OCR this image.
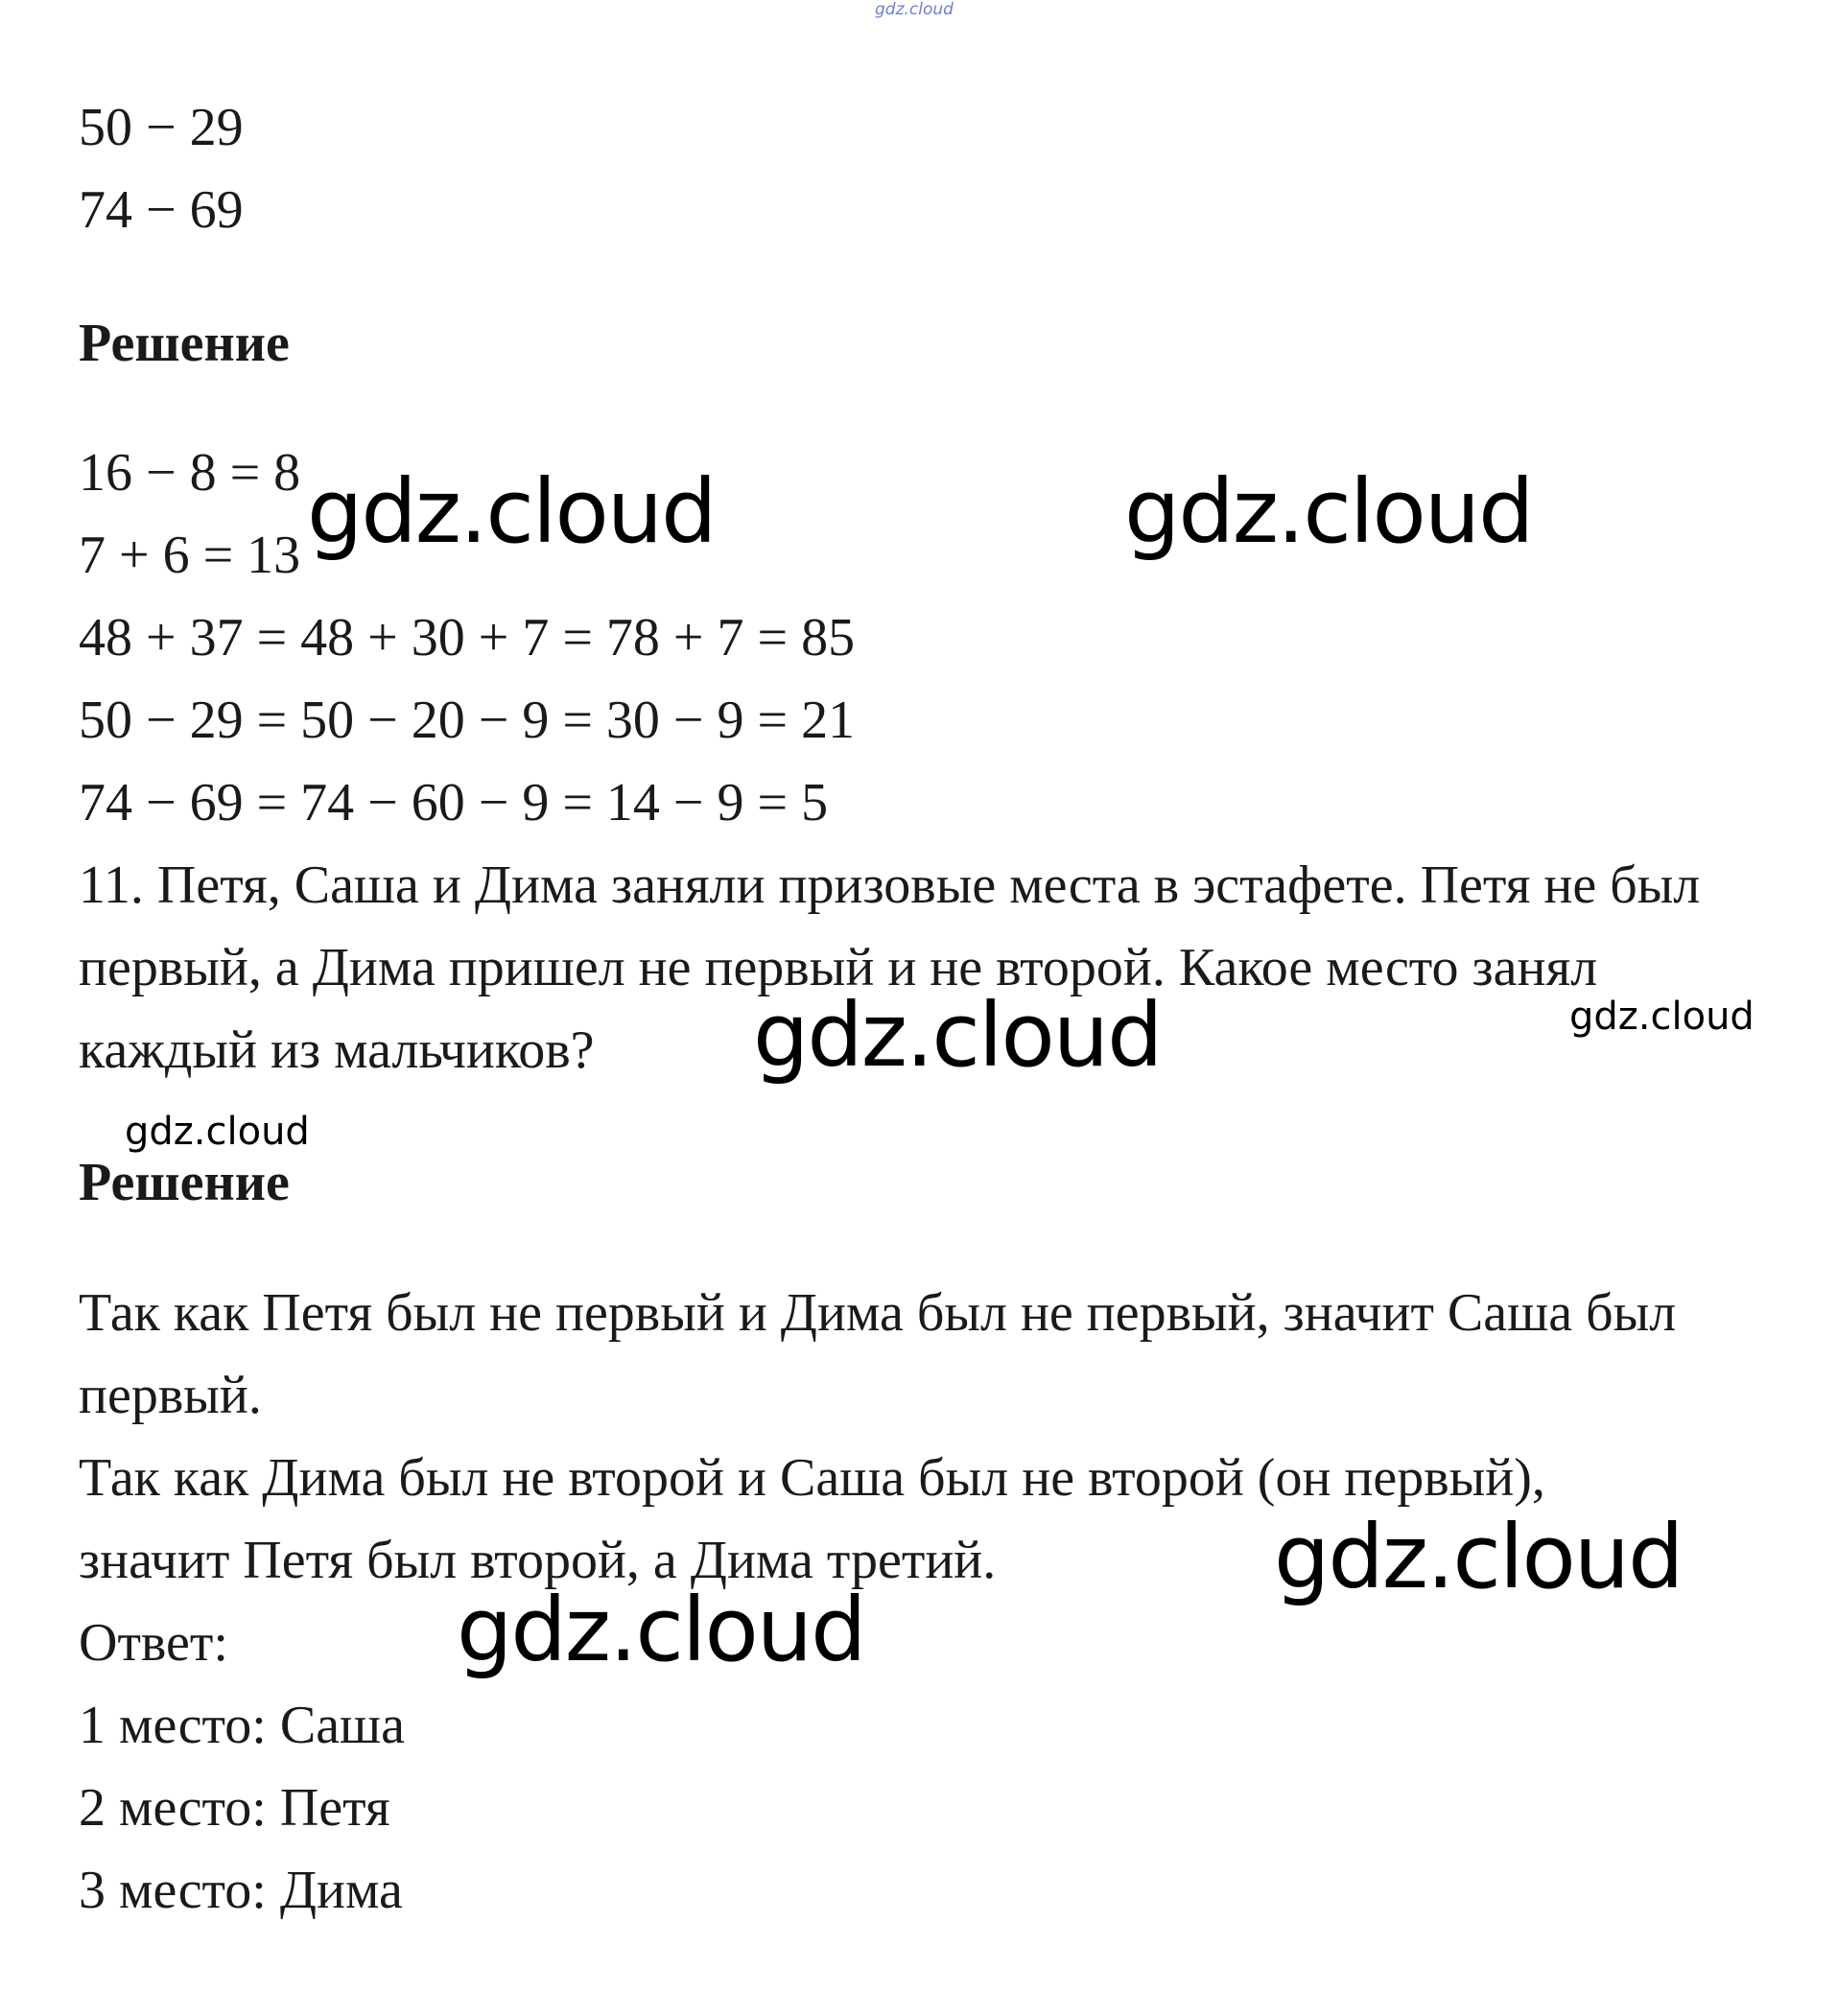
gdz.cloud
50 − 29
74 − 69
Решение
16 − 8 = 8
7 + 6 = 13
48 + 37 = 48 + 30 + 7 = 78 + 7 = 85
50 − 29 = 50 − 20 − 9 = 30 − 9 = 21
74 − 69 = 74 − 60 − 9 = 14 − 9 = 5
11. Петя, Саша и Дима заняли призовые места в эстафете. Петя не был
первый, а Дима пришел не первый и не второй. Какое место занял
каждый из мальчиков?
Решение
Так как Петя был не первый и Дима был не первый, значит Саша был
первый.
Так как Дима был не второй и Саша был не второй (он первый),
значит Петя был второй, а Дима третий.
Ответ:
1 место: Саша
2 место: Петя
3 место: Дима
gdz.cloud	gdz.cloud
gdz.cloud	gdz.cloud
gdz.cloud
gdz.cloud
gdz.cloud
